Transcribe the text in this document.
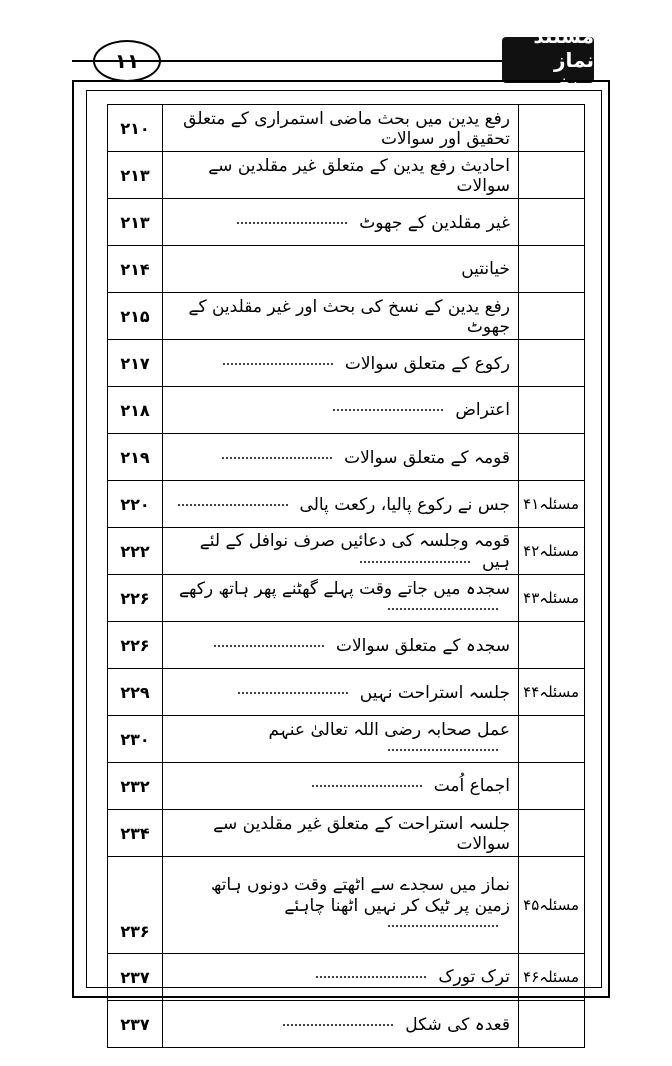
۱۱
مستند نماز حنفی
	رفع یدین میں بحث ماضی استمراری کے متعلق تحقیق اور سوالات	۲۱۰
	احادیث رفع یدین کے متعلق غیر مقلدین سے سوالات	۲۱۳
	غیر مقلدین کے جھوٹ	۲۱۳
	خیانتیں	۲۱۴
	رفع یدین کے نسخ کی بحث اور غیر مقلدین کے جھوٹ	۲۱۵
	رکوع کے متعلق سوالات	۲۱۷
	اعتراض	۲۱۸
	قومہ کے متعلق سوالات	۲۱۹
مسئلہ۴۱	جس نے رکوع پالیا، رکعت پالی	۲۲۰
مسئلہ۴۲	قومہ وجلسہ کی دعائیں صرف نوافل کے لئے ہیں	۲۲۲
مسئلہ۴۳	سجدہ میں جاتے وقت پہلے گھٹنے پھر ہاتھ رکھے	۲۲۶
	سجدہ کے متعلق سوالات	۲۲۶
مسئلہ۴۴	جلسہ استراحت نہیں	۲۲۹
	عمل صحابہ رضی اللہ تعالیٰ عنہم	۲۳۰
	اجماع اُمت	۲۳۲
	جلسہ استراحت کے متعلق غیر مقلدین سے سوالات	۲۳۴
مسئلہ۴۵	نماز میں سجدے سے اٹھتے وقت دونوں ہاتھ زمین پر ٹیک کر نہیں اٹھنا چاہئے	۲۳۶
مسئلہ۴۶	ترک تورک	۲۳۷
	قعدہ کی شکل	۲۳۷
